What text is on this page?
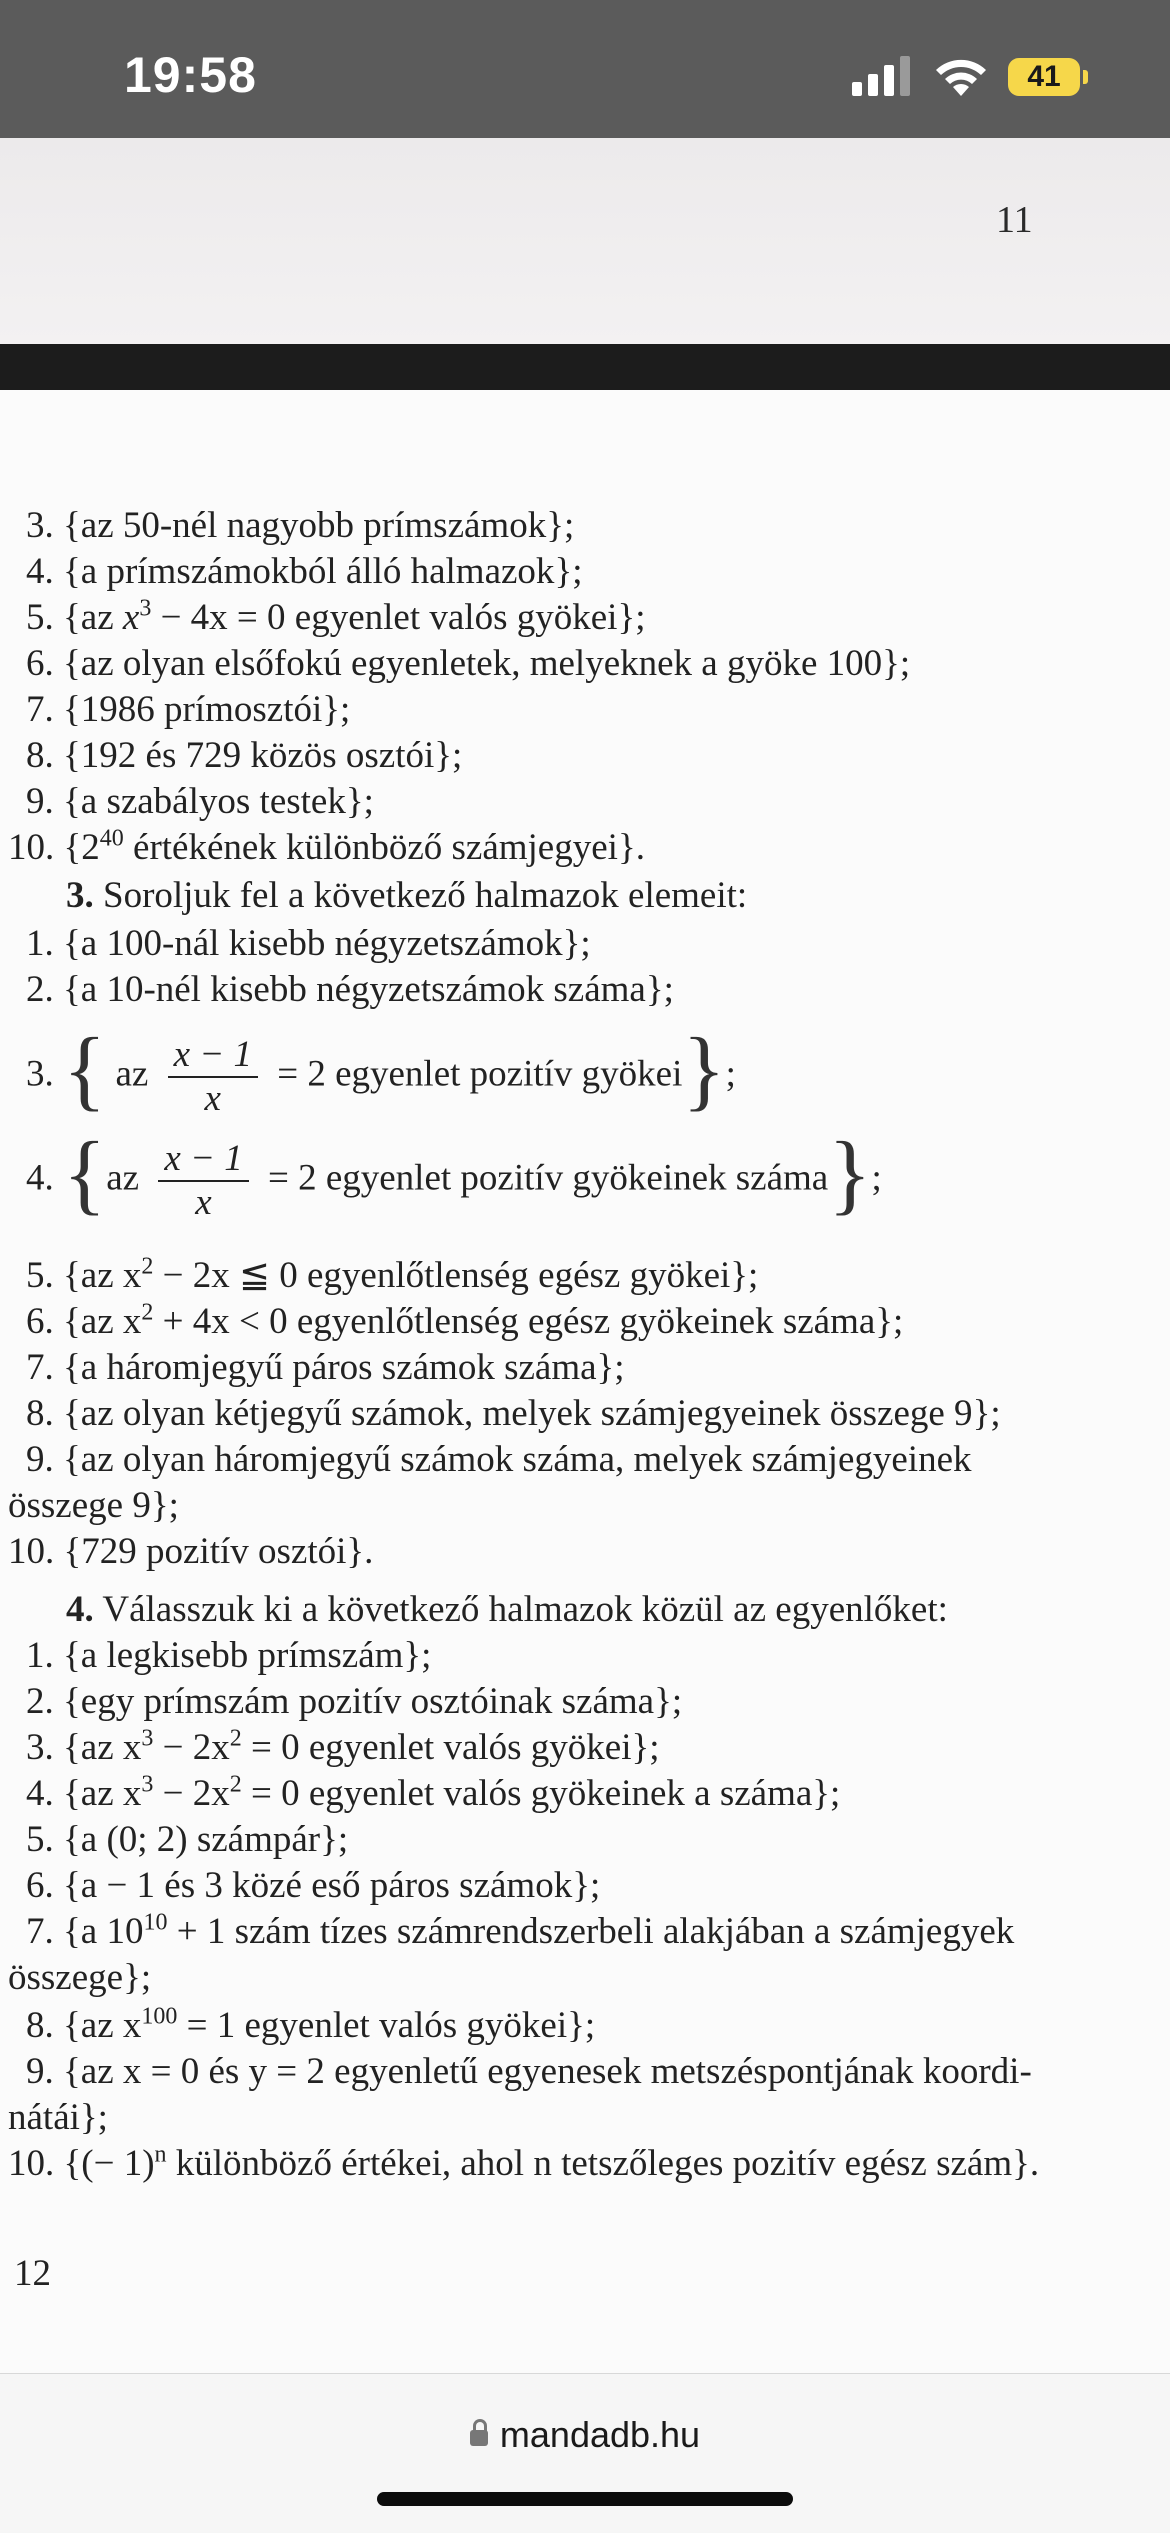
19:58	41
11
3. {az 50-nél nagyobb prímszámok};
4. {a prímszámokból álló halmazok};
5. {az $x^3 - 4x = 0$ egyenlet valós gyökei};
6. {az olyan elsőfokú egyenletek, melyeknek a gyöke 100};
7. {1986 prímosztói};
8. {192 és 729 közös osztói};
9. {a szabályos testek};
10. {$2^{40}$ értékének különböző számjegyei}.
3. Soroljuk fel a következő halmazok elemeit:
1. {a 100-nál kisebb négyzetszámok};
2. {a 10-nél kisebb négyzetszámok száma};
3. { az $\frac{x - 1}{x} = 2$ egyenlet pozitív gyökei};
4. {$az \frac{x - 1}{x} = 2$ egyenlet pozitív gyökeinek száma};
5. {az $x^2 - 2x$ ≦ 0 egyenlőtlenség egész gyökei};
6. {az $x^2 + 4x < 0$ egyenlőtlenség egész gyökeinek száma};
7. {a háromjegyű páros számok száma};
8. {az olyan kétjegyű számok, melyek számjegyeinek összege 9};
9. {az olyan háromjegyű számok száma, melyek számjegyeinek
összege 9};
10. {729 pozitív osztói}.
4. Válasszuk ki a következő halmazok közül az egyenlőket:
1. {a legkisebb prímszám};
2. {egy prímszám pozitív osztóinak száma};
3. {az $x^3 - 2x^2 = 0$ egyenlet valós gyökei};
4. {az $x^3 - 2x^2 = 0$ egyenlet valós gyökeinek a száma};
5. {a (0; 2) számpár};
6. {a − 1 és 3 közé eső páros számok};
7. {a $10^{10} + 1$ szám tízes számrendszerbeli alakjában a számjegyek
összege};
8. {az $x^{100} = 1$ egyenlet valós gyökei};
9. {az x = 0 és y = 2 egyenletű egyenesek metszéspontjának koordi-
nátái};
10. {(− 1)$^n$ különböző értékei, ahol n tetszőleges pozitív egész szám}.
12
mandadb.hu
